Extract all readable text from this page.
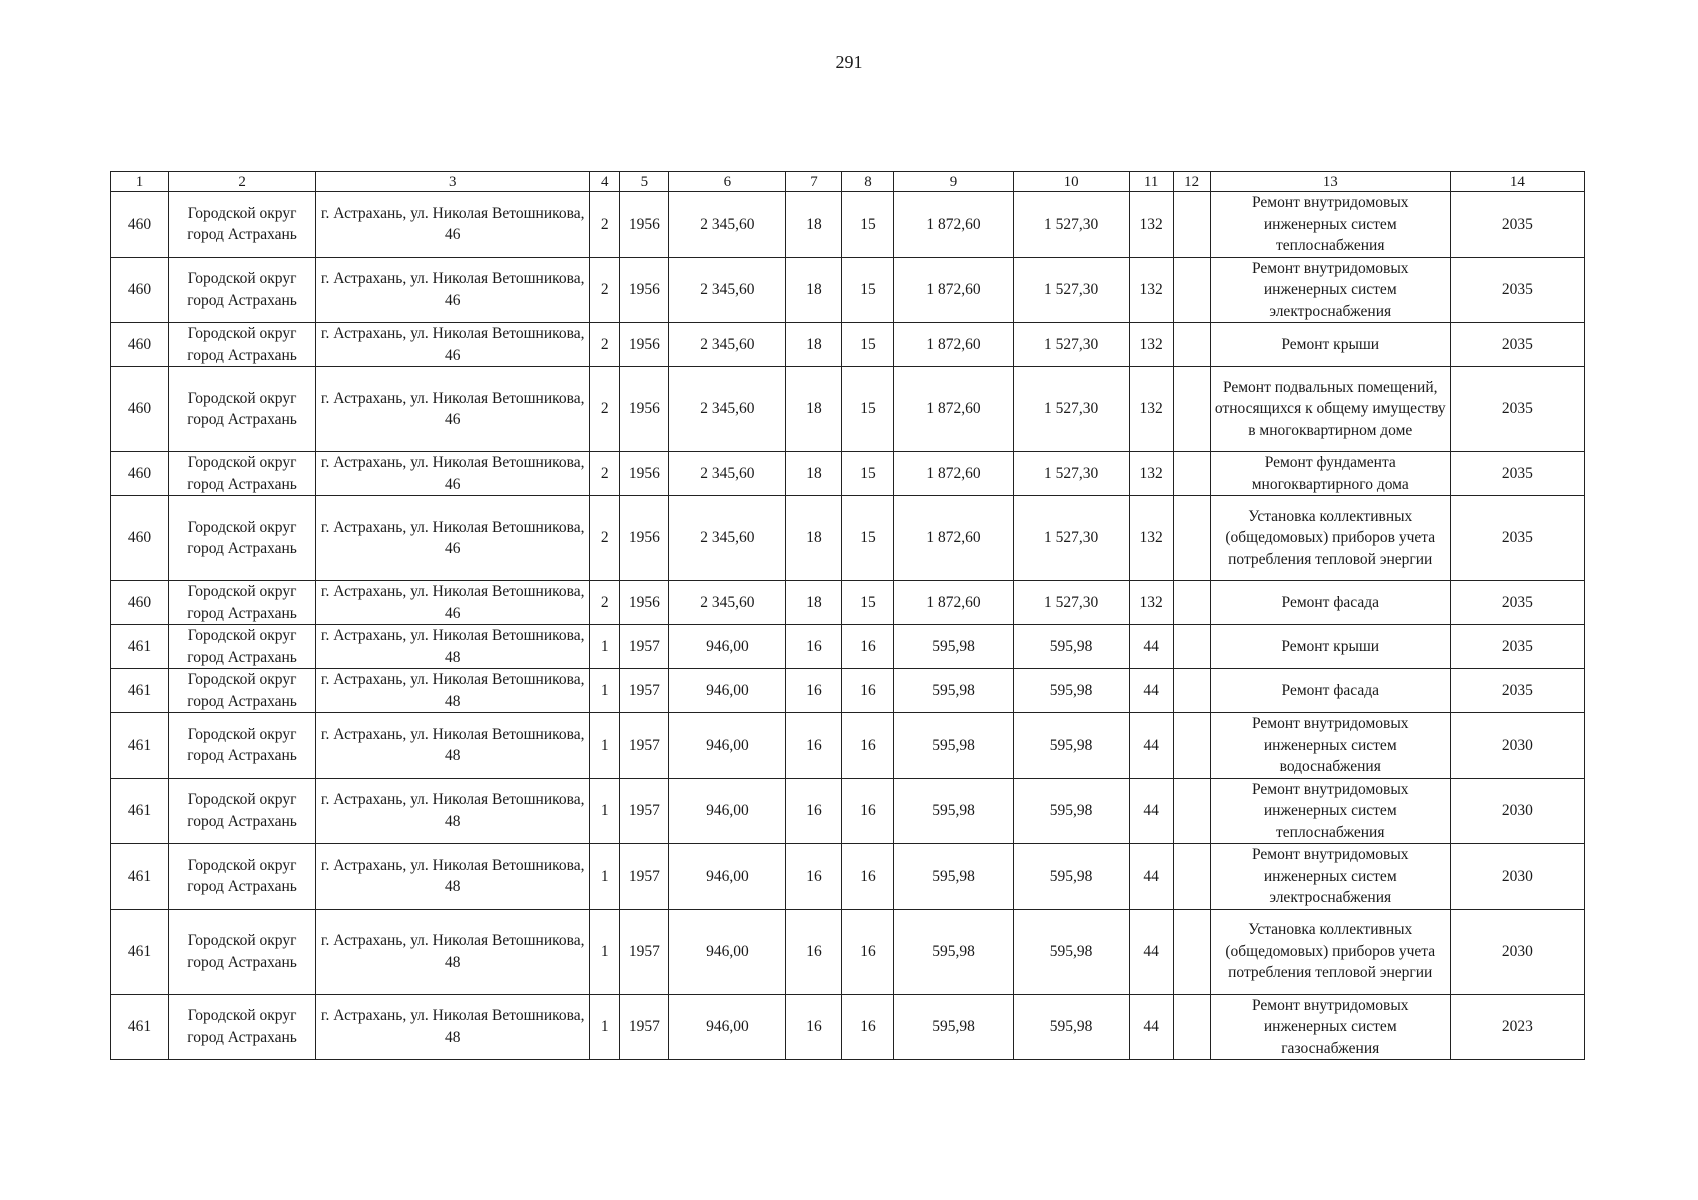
291
1	2	3	4	5	6	7	8	9	10	11	12	13	14
460	Городской округ город Астрахань	г. Астрахань, ул. Николая Ветошникова, 46	2	1956	2 345,60	18	15	1 872,60	1 527,30	132		Ремонт внутридомовых инженерных систем теплоснабжения	2035
460	Городской округ город Астрахань	г. Астрахань, ул. Николая Ветошникова, 46	2	1956	2 345,60	18	15	1 872,60	1 527,30	132		Ремонт внутридомовых инженерных систем электроснабжения	2035
460	Городской округ город Астрахань	г. Астрахань, ул. Николая Ветошникова, 46	2	1956	2 345,60	18	15	1 872,60	1 527,30	132		Ремонт крыши	2035
460	Городской округ город Астрахань	г. Астрахань, ул. Николая Ветошникова, 46	2	1956	2 345,60	18	15	1 872,60	1 527,30	132		Ремонт подвальных помещений, относящихся к общему имуществу в многоквартирном доме	2035
460	Городской округ город Астрахань	г. Астрахань, ул. Николая Ветошникова, 46	2	1956	2 345,60	18	15	1 872,60	1 527,30	132		Ремонт фундамента многоквартирного дома	2035
460	Городской округ город Астрахань	г. Астрахань, ул. Николая Ветошникова, 46	2	1956	2 345,60	18	15	1 872,60	1 527,30	132		Установка коллективных (общедомовых) приборов учета потребления тепловой энергии	2035
460	Городской округ город Астрахань	г. Астрахань, ул. Николая Ветошникова, 46	2	1956	2 345,60	18	15	1 872,60	1 527,30	132		Ремонт фасада	2035
461	Городской округ город Астрахань	г. Астрахань, ул. Николая Ветошникова, 48	1	1957	946,00	16	16	595,98	595,98	44		Ремонт крыши	2035
461	Городской округ город Астрахань	г. Астрахань, ул. Николая Ветошникова, 48	1	1957	946,00	16	16	595,98	595,98	44		Ремонт фасада	2035
461	Городской округ город Астрахань	г. Астрахань, ул. Николая Ветошникова, 48	1	1957	946,00	16	16	595,98	595,98	44		Ремонт внутридомовых инженерных систем водоснабжения	2030
461	Городской округ город Астрахань	г. Астрахань, ул. Николая Ветошникова, 48	1	1957	946,00	16	16	595,98	595,98	44		Ремонт внутридомовых инженерных систем теплоснабжения	2030
461	Городской округ город Астрахань	г. Астрахань, ул. Николая Ветошникова, 48	1	1957	946,00	16	16	595,98	595,98	44		Ремонт внутридомовых инженерных систем электроснабжения	2030
461	Городской округ город Астрахань	г. Астрахань, ул. Николая Ветошникова, 48	1	1957	946,00	16	16	595,98	595,98	44		Установка коллективных (общедомовых) приборов учета потребления тепловой энергии	2030
461	Городской округ город Астрахань	г. Астрахань, ул. Николая Ветошникова, 48	1	1957	946,00	16	16	595,98	595,98	44		Ремонт внутридомовых инженерных систем газоснабжения	2023
